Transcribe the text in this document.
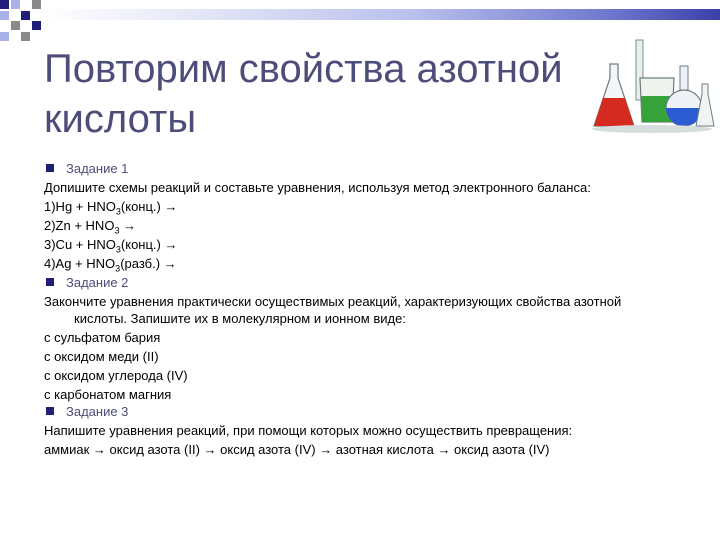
Повторим свойства азотной
кислоты

Задание 1

Допишите схемы реакций и составьте уравнения, используя метод электронного баланса:

$1)Hg + HNO_3(конц.)$ →

$2)Zn + HNO_3$ →

$3)Cu + HNO_3(конц.)$ →

$4)Ag + HNO_3(разб.)$ →

Задание 2

Закончите уравнения практически осуществимых реакций, характеризующих свойства азотной

кислоты. Запишите их в молекулярном и ионном виде:

с сульфатом бария

с оксидом меди (II)

с оксидом углерода (IV)

с карбонатом магния

Задание 3

Напишите уравнения реакций, при помощи которых можно осуществить превращения:

аммиак → оксид азота (II) → оксид азота (IV) → азотная кислота → оксид азота (IV)
